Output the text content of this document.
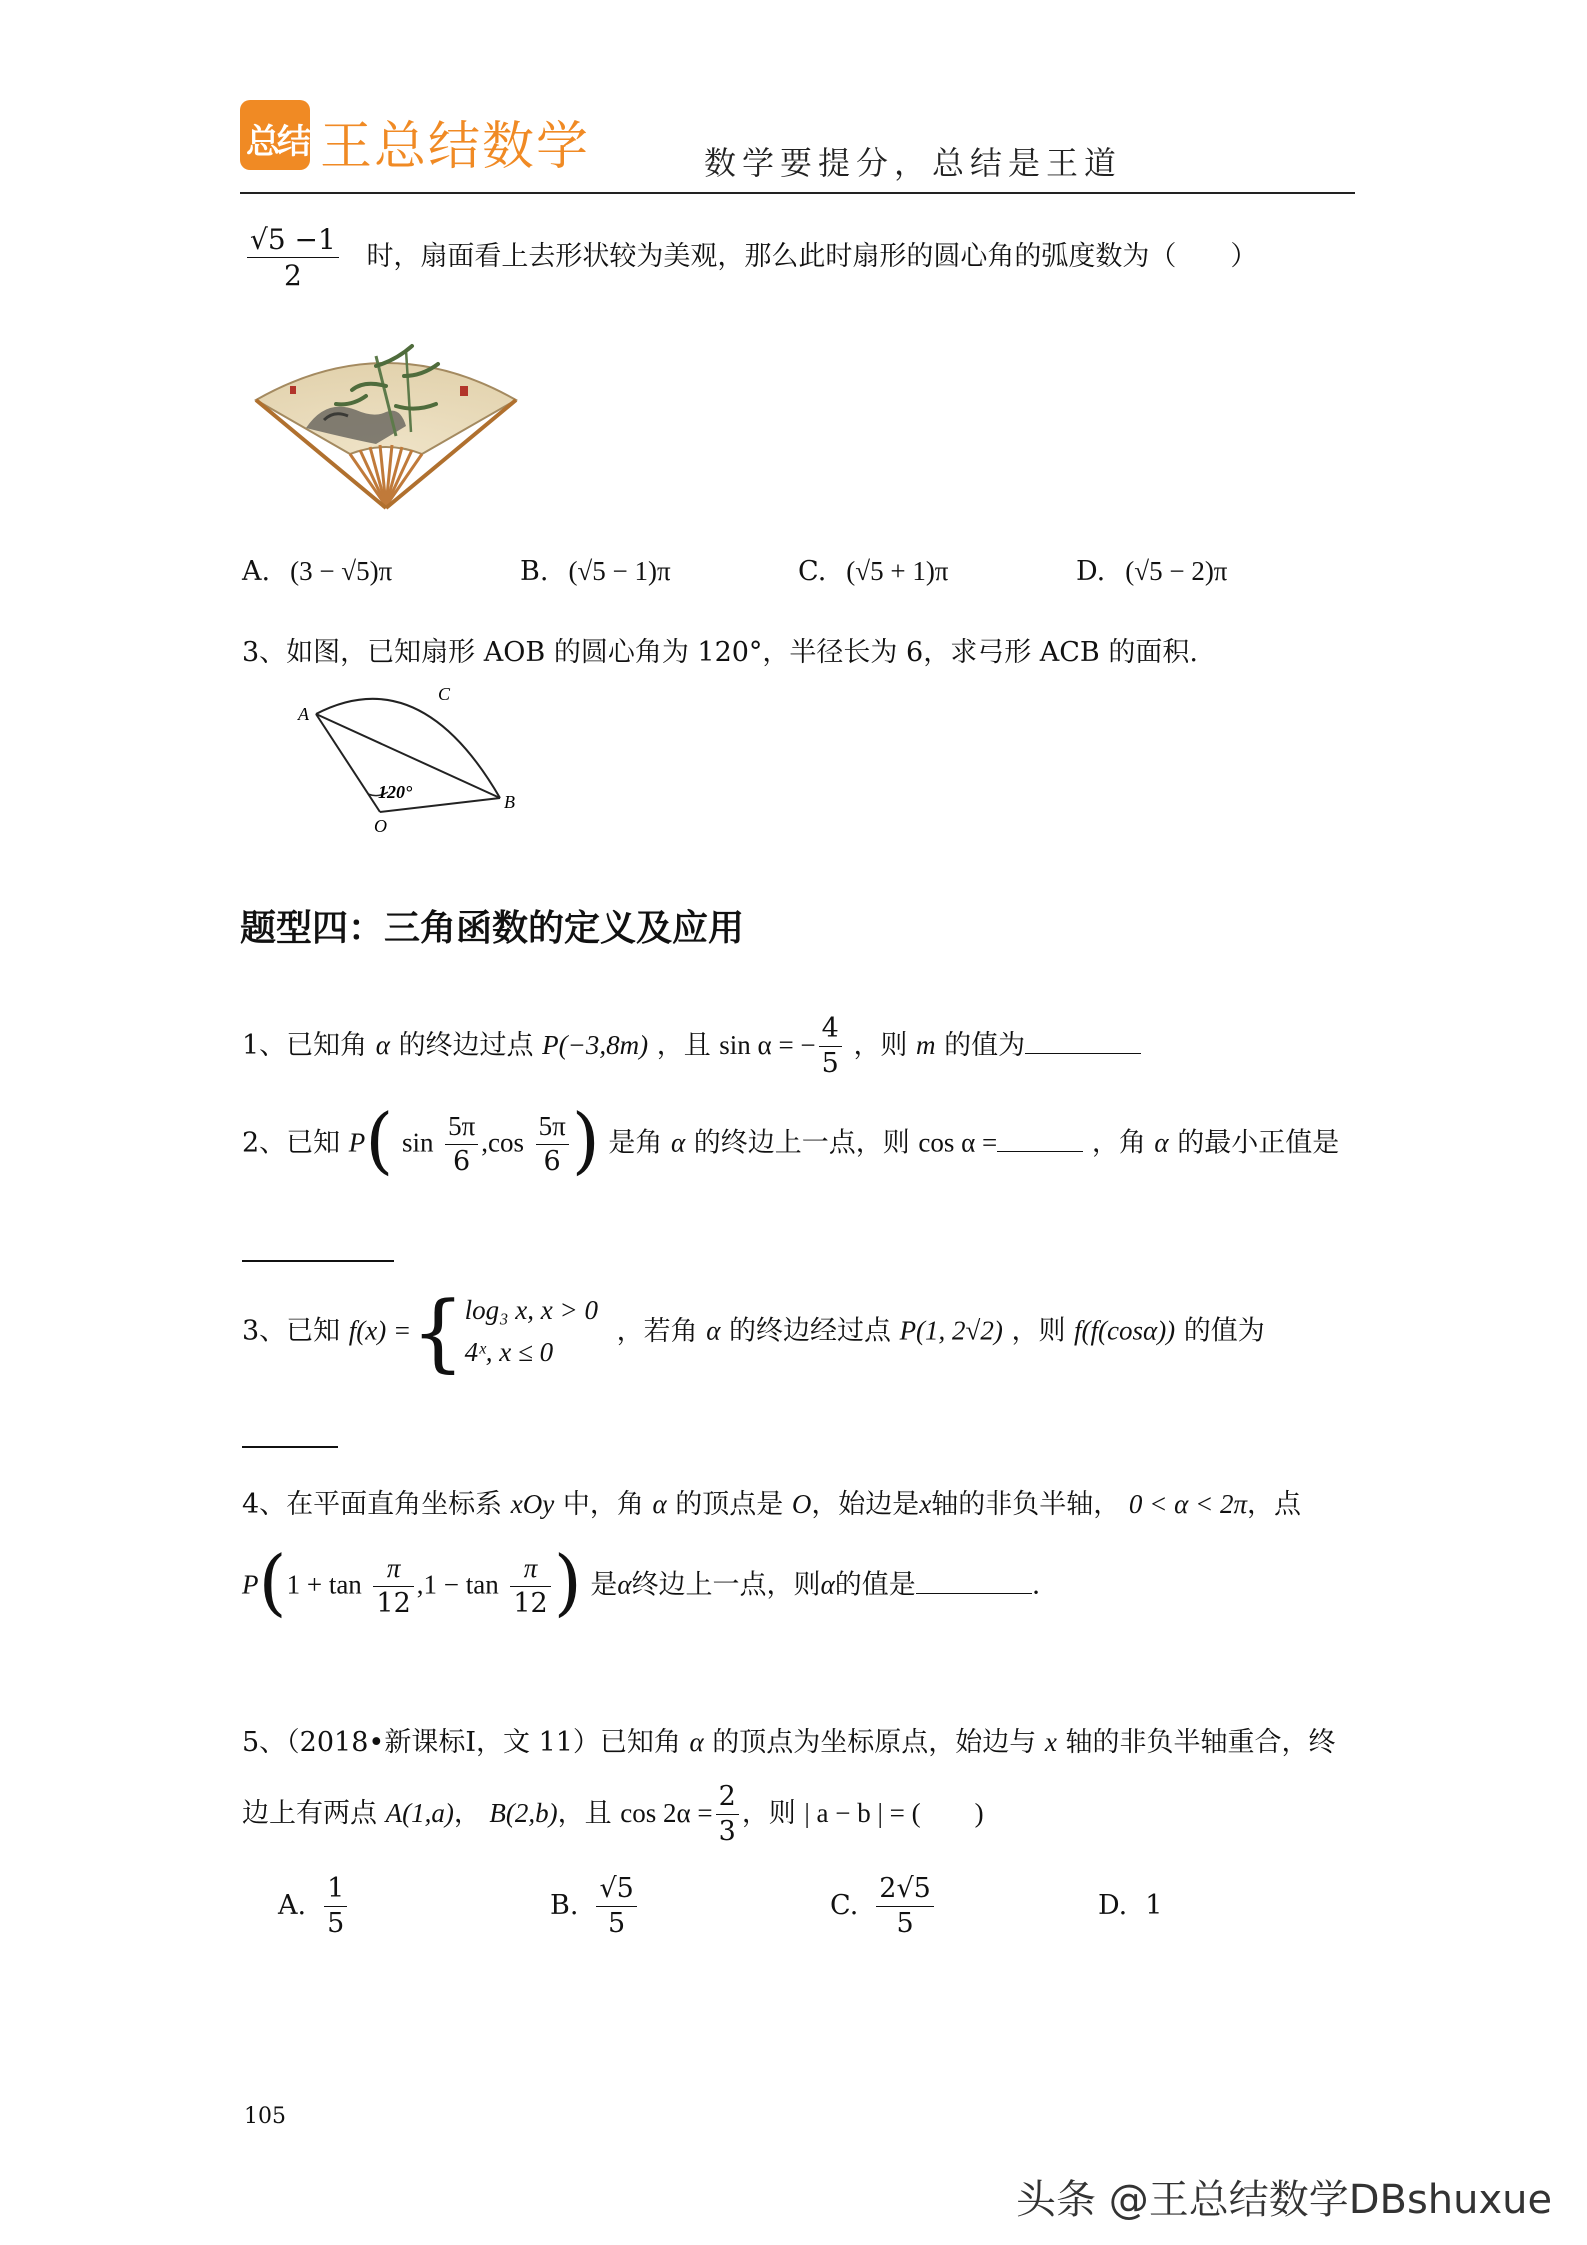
总结 王总结数学	数学要提分，总结是王道
$\frac{√5 -1}{2}$ 时，扇面看上去形状较为美观，那么此时扇形的圆心角的弧度数为（　　）
A. (3 − √5)π	B. (√5 − 1)π	C. (√5 + 1)π	D. (√5 − 2)π
3、如图，已知扇形 AOB 的圆心角为 120°，半径长为 6，求弓形 ACB 的面积.
A
C
B
O
120°
题型四：三角函数的定义及应用
1、已知角 α 的终边过点 P(−3,8m) ，且 sin α = − $\frac{4}{5}$ ，则 m 的值为
2、已知 P( $\sin \frac{5\pi}{6} ,\cos \frac{5\pi}{6}$ ) 是角 α 的终边上一点，则 cos α =	，角 α 的最小正值是
3、已知 f(x) ={ log₃ x, x > 0
4ˣ, x ≤ 0
，若角 α 的终边经过点 P(1, 2√2) ，则 f(f(cosα)) 的值为
4、在平面直角坐标系 xOy 中，角 α 的顶点是 O，始边是x轴的非负半轴， 0 < α < 2π，点
$P(1 + \tan \frac{\pi}{12} ,1 - \tan \frac{\pi}{12}$ ) 是α终边上一点，则α的值是	.
5、（2018•新课标Ⅰ，文 11）已知角 α 的顶点为坐标原点，始边与 x 轴的非负半轴重合，终
边上有两点 A(1,a)， B(2,b)，且 $\cos 2\alpha = \frac{2}{3}$ ，则 | a − b | = (　　)
A. $\frac{1}{5}$	B. $\frac{√5}{5}$	C. $\frac{2√5}{5}$	D. 1
105
头条 @王总结数学DBshuxue
